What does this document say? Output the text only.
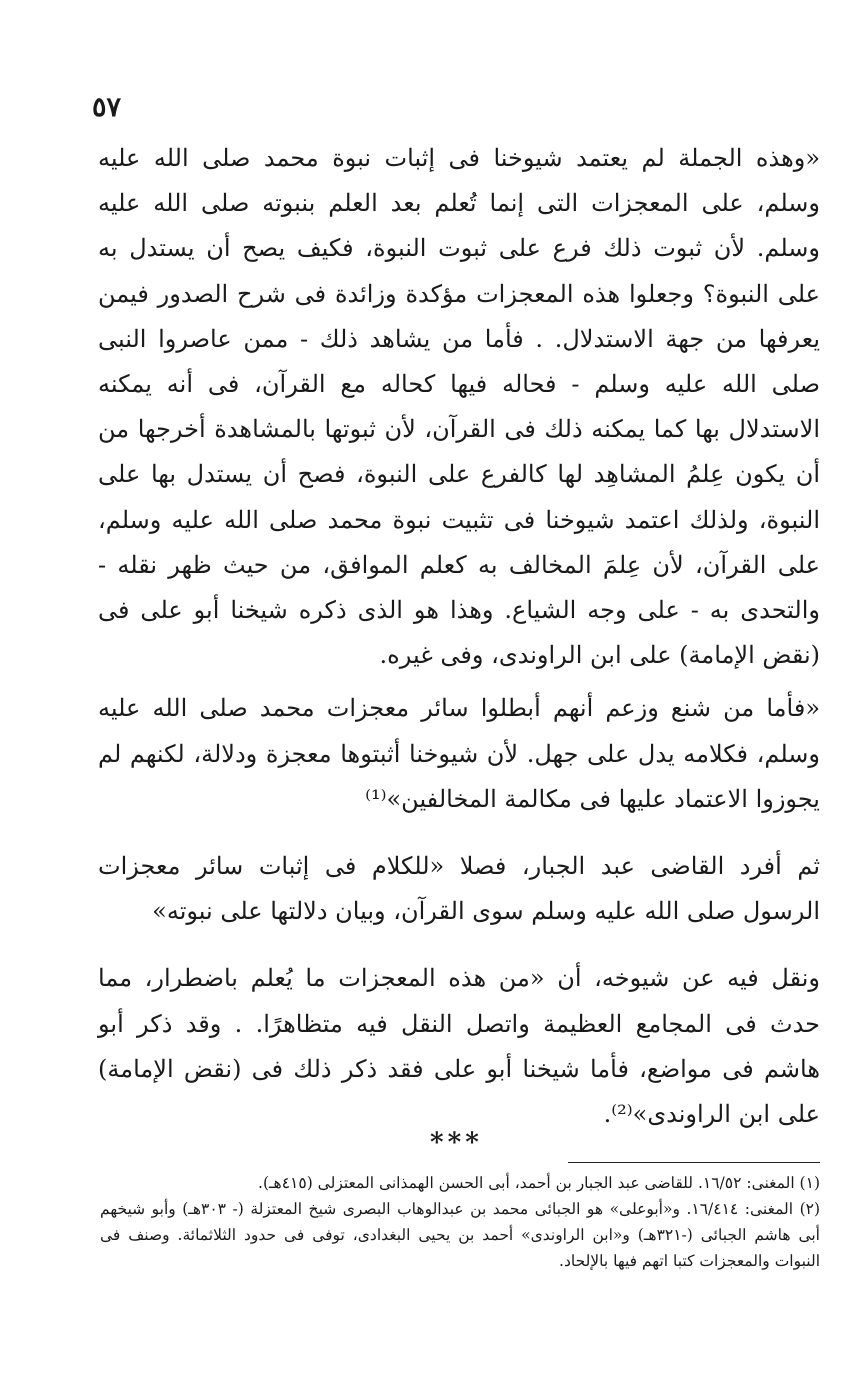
٥٧

«وهذه الجملة لم يعتمد شيوخنا فى إثبات نبوة محمد صلى الله عليه وسلم، على المعجزات التى إنما تُعلم بعد العلم بنبوته صلى الله عليه وسلم. لأن ثبوت ذلك فرع على ثبوت النبوة، فكيف يصح أن يستدل به على النبوة؟ وجعلوا هذه المعجزات مؤكدة وزائدة فى شرح الصدور فيمن يعرفها من جهة الاستدلال. . فأما من يشاهد ذلك - ممن عاصروا النبى صلى الله عليه وسلم - فحاله فيها كحاله مع القرآن، فى أنه يمكنه الاستدلال بها كما يمكنه ذلك فى القرآن، لأن ثبوتها بالمشاهدة أخرجها من أن يكون عِلمُ المشاهِد لها كالفرع على النبوة، فصح أن يستدل بها على النبوة، ولذلك اعتمد شيوخنا فى تثبيت نبوة محمد صلى الله عليه وسلم، على القرآن، لأن عِلمَ المخالف به كعلم الموافق، من حيث ظهر نقله - والتحدى به - على وجه الشياع. وهذا هو الذى ذكره شيخنا أبو على فى (نقض الإمامة) على ابن الراوندى، وفى غيره.

«فأما من شنع وزعم أنهم أبطلوا سائر معجزات محمد صلى الله عليه وسلم، فكلامه يدل على جهل. لأن شيوخنا أثبتوها معجزة ودلالة، لكنهم لم يجوزوا الاعتماد عليها فى مكالمة المخالفين»⁽¹⁾

ثم أفرد القاضى عبد الجبار، فصلا «للكلام فى إثبات سائر معجزات الرسول صلى الله عليه وسلم سوى القرآن، وبيان دلالتها على نبوته»

ونقل فيه عن شيوخه، أن «من هذه المعجزات ما يُعلم باضطرار، مما حدث فى المجامع العظيمة واتصل النقل فيه متظاهرًا. . وقد ذكر أبو هاشم فى مواضع، فأما شيخنا أبو على فقد ذكر ذلك فى (نقض الإمامة) على ابن الراوندى»⁽²⁾.

***

(١) المغنى: ١٦/٥٢. للقاضى عبد الجبار بن أحمد، أبى الحسن الهمذانى المعتزلى (٤١٥هـ).

(٢) المغنى: ١٦/٤١٤. و«أبوعلى» هو الجبائى محمد بن عبدالوهاب البصرى شيخ المعتزلة (- ٣٠٣هـ) وأبو شيخهم أبى هاشم الجبائى (-٣٢١هـ) و«ابن الراوندى» أحمد بن يحيى البغدادى، توفى فى حدود الثلاثمائة. وصنف فى النبوات والمعجزات كتبا اتهم فيها بالإلحاد.
